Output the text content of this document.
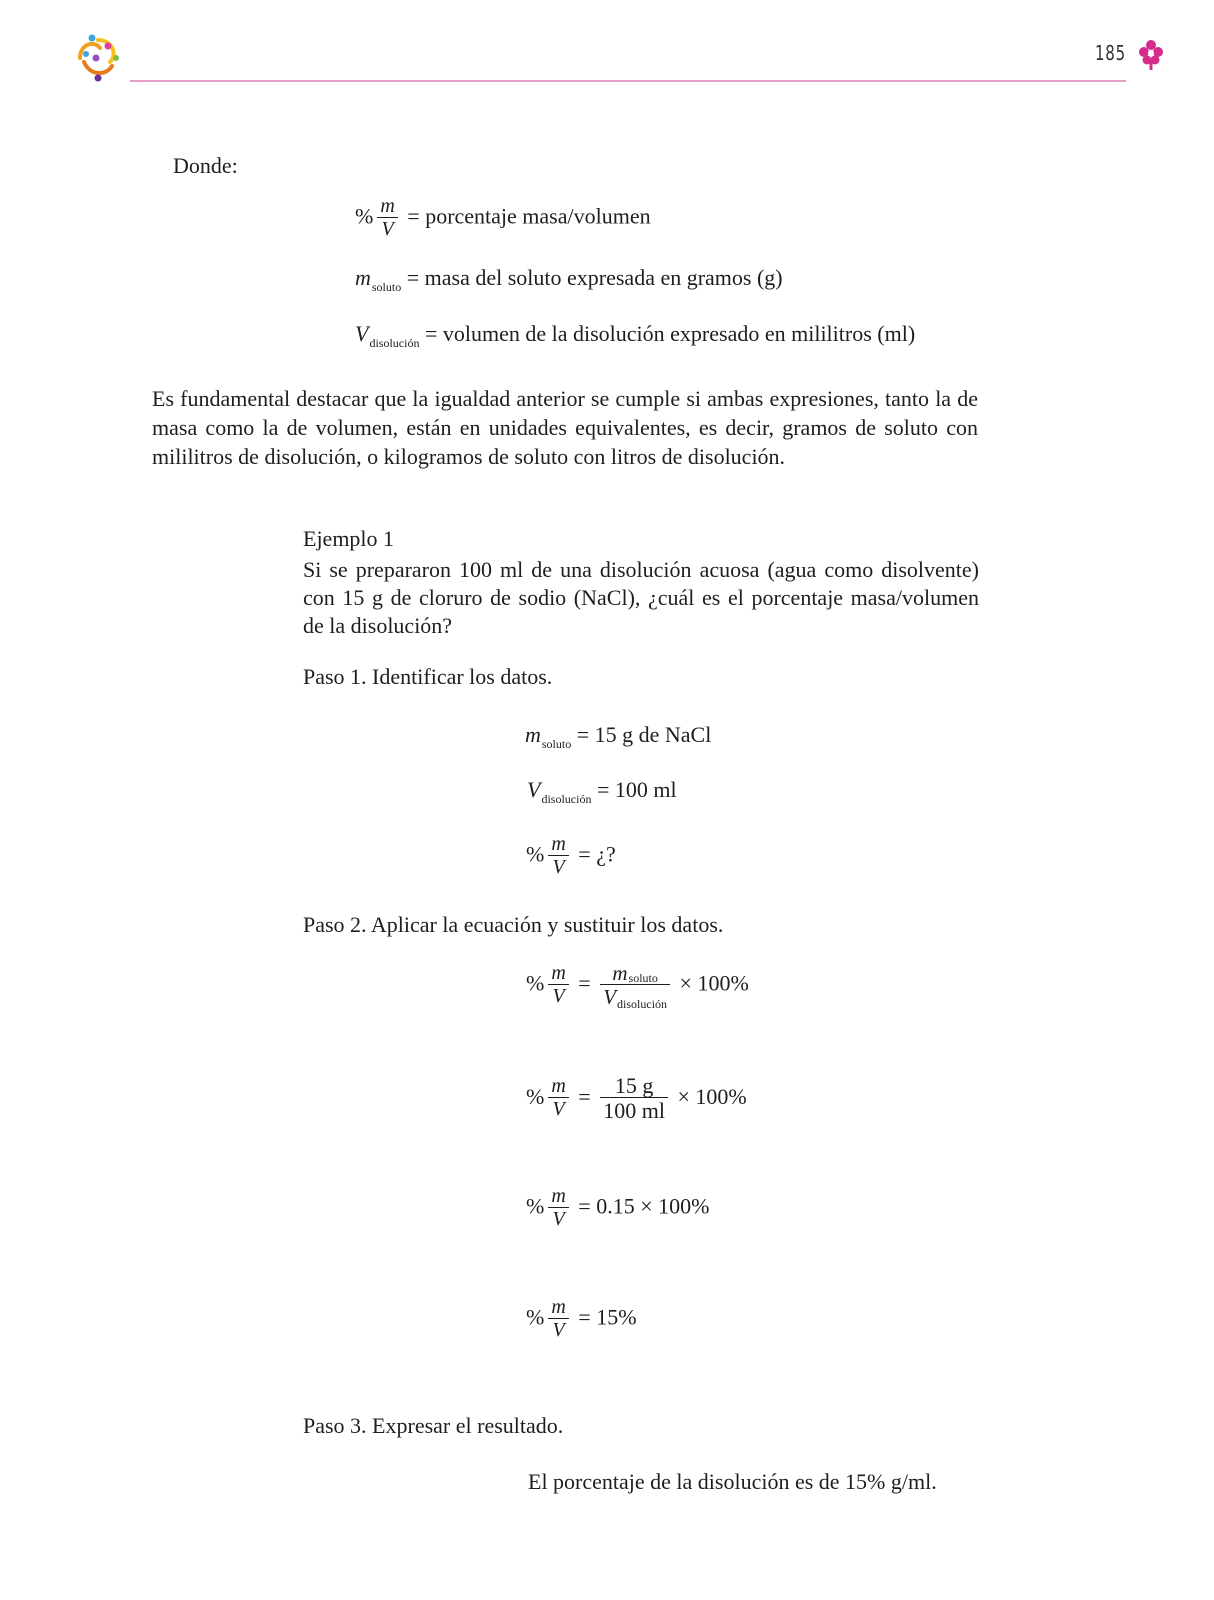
185
Donde:
% $\frac{m}{V}$ = porcentaje masa/volumen
$m_{soluto}$ = masa del soluto expresada en gramos (g)
$V_{disolución}$ = volumen de la disolución expresado en mililitros (ml)
Es fundamental destacar que la igualdad anterior se cumple si ambas expresiones, tanto la de masa como la de volumen, están en unidades equivalentes, es decir, gramos de soluto con mililitros de disolución, o kilogramos de soluto con litros de disolución.
Ejemplo 1
Si se prepararon 100 ml de una disolución acuosa (agua como disolvente) con 15 g de cloruro de sodio (NaCl), ¿cuál es el porcentaje masa/volumen de la disolución?
Paso 1. Identificar los datos.
$m_{soluto} = 15$ g de NaCl
$V_{disolución} = 100$ ml
% $\frac{m}{V}$ = ¿?
Paso 2. Aplicar la ecuación y sustituir los datos.
% $\frac{m}{V} = \frac{\text{msoluto}}{\text{Vdisolución}} \times 100\%$
% $\frac{m}{V} = \frac{15 g}{100 ml} \times 100\%$
% $\frac{m}{V} = 0.15 \times 100\%$
% $\frac{m}{V} = 15\%$
Paso 3. Expresar el resultado.
El porcentaje de la disolución es de 15% g/ml.
